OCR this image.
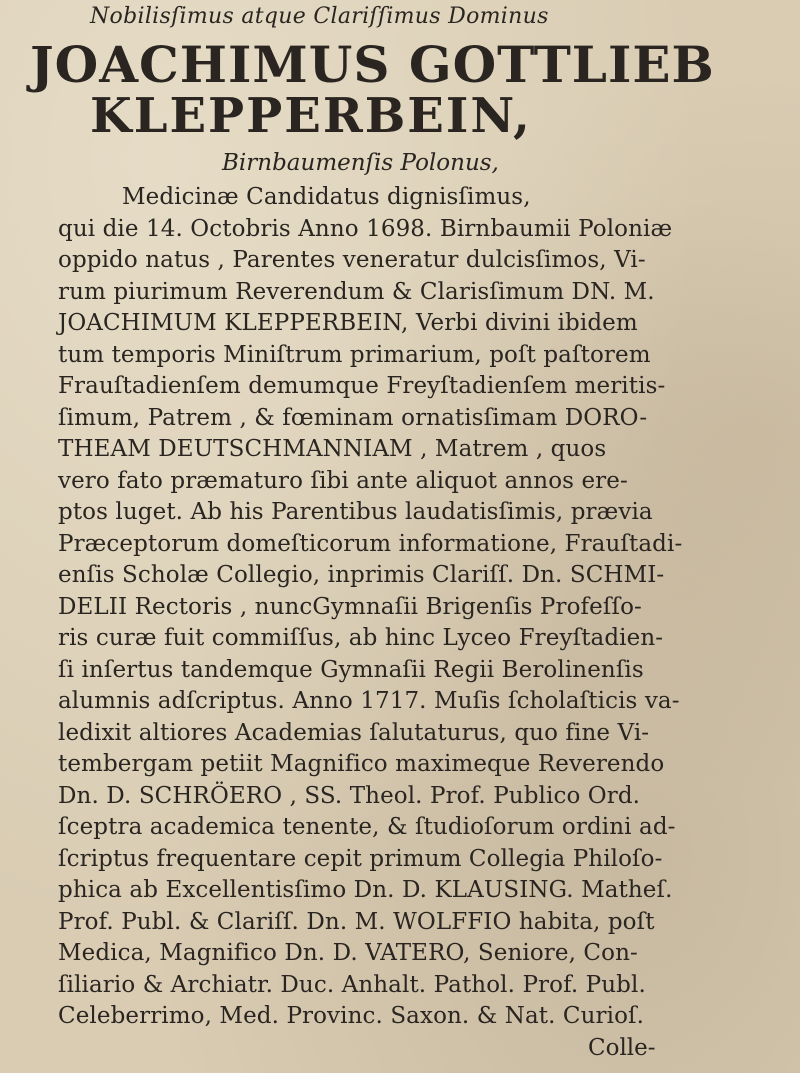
Nobilisſimus atque Clariſſimus Dominus
JOACHIMUS GOTTLIEB
KLEPPERBEIN,
Birnbaumenſis Polonus,
Medicinæ Candidatus dignisſimus,
qui die 14. Octobris Anno 1698. Birnbaumii Poloniæ
oppido natus , Parentes veneratur dulcisſimos, Vi-
rum piurimum Reverendum & Clarisſimum DN. M.
JOACHIMUM KLEPPERBEIN, Verbi divini ibidem
tum temporis Miniſtrum primarium, poſt paſtorem
Frauſtadienſem demumque Freyſtadienſem meritis-
ſimum, Patrem , & fœminam ornatisſimam DORO-
THEAM DEUTSCHMANNIAM , Matrem , quos
vero fato præmaturo ſibi ante aliquot annos ere-
ptos luget. Ab his Parentibus laudatisſimis, prævia
Præceptorum domeſticorum informatione, Frauſtadi-
enſis Scholæ Collegio, inprimis Clariſſ. Dn. SCHMI-
DELII Rectoris , nuncGymnaſii Brigenſis Profeſſo-
ris curæ fuit commiſſus, ab hinc Lyceo Freyſtadien-
ſi inſertus tandemque Gymnaſii Regii Berolinenſis
alumnis adſcriptus. Anno 1717. Muſis ſcholaſticis va-
ledixit altiores Academias ſalutaturus, quo fine Vi-
tembergam petiit Magnifico maximeque Reverendo
Dn. D. SCHRÖERO , SS. Theol. Prof. Publico Ord.
ſceptra academica tenente, & ſtudioſorum ordini ad-
ſcriptus frequentare cepit primum Collegia Philoſo-
phica ab Excellentisſimo Dn. D. KLAUSING. Matheſ.
Prof. Publ. & Clariſſ. Dn. M. WOLFFIO habita, poſt
Medica, Magnifico Dn. D. VATERO, Seniore, Con-
ſiliario & Archiatr. Duc. Anhalt. Pathol. Prof. Publ.
Celeberrimo, Med. Provinc. Saxon. & Nat. Curioſ.
Colle-
